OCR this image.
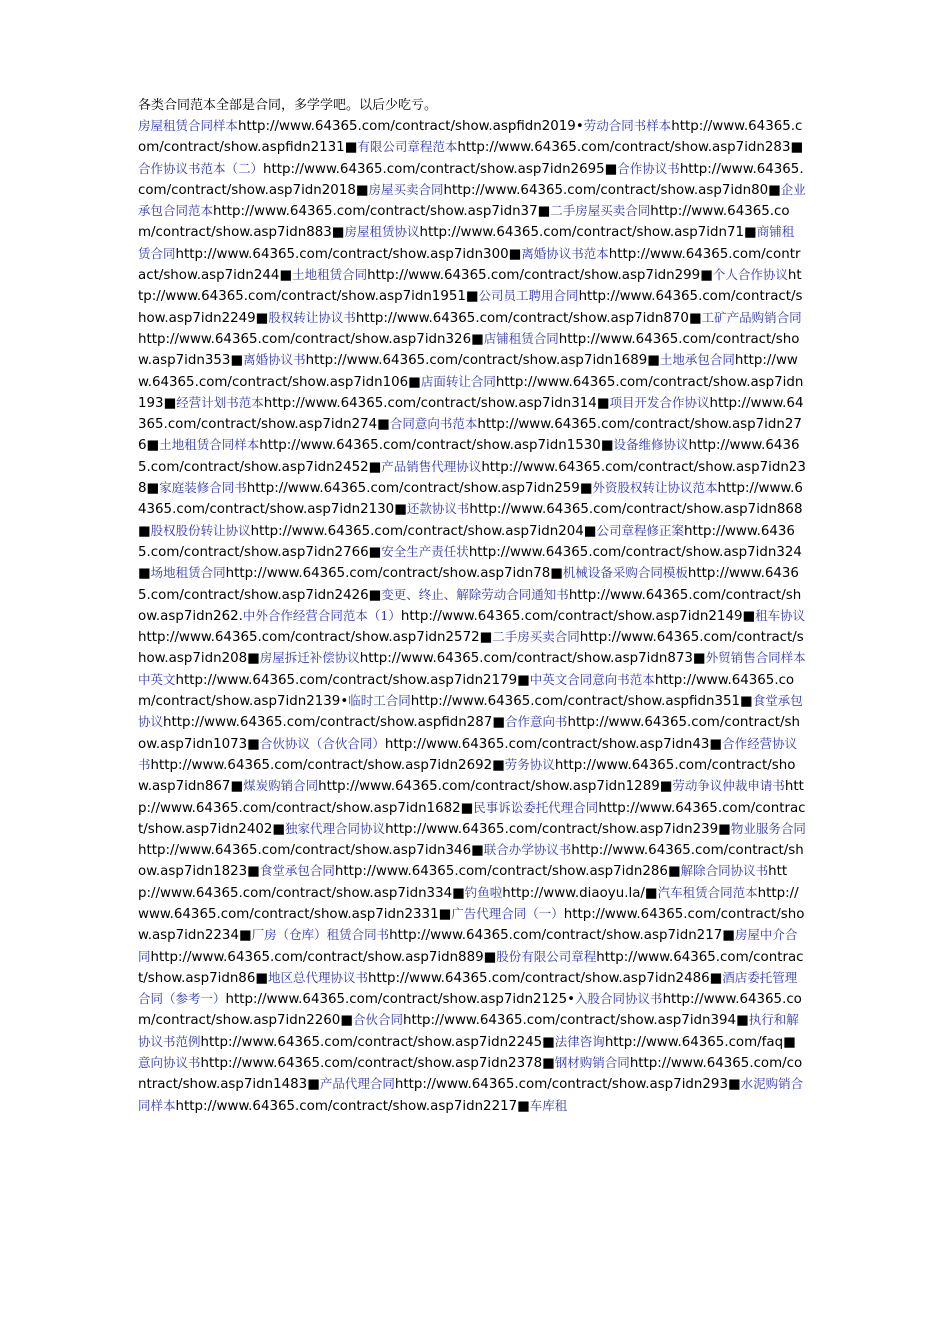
各类合同范本全部是合同，多学学吧。以后少吃亏。
房屋租赁合同样本http://www.64365.com/contract/show.aspfidn2019•劳动合同书样本http://www.64365.com/contract/show.aspfidn2131■有限公司章程范本http://www.64365.com/contract/show.asp7idn283■合作协议书范本（二）http://www.64365.com/contract/show.asp7idn2695■合作协议书http://www.64365.com/contract/show.asp7idn2018■房屋买卖合同http://www.64365.com/contract/show.asp7idn80■企业承包合同范本http://www.64365.com/contract/show.asp7idn37■二手房屋买卖合同http://www.64365.com/contract/show.asp7idn883■房屋租赁协议http://www.64365.com/contract/show.asp7idn71■商铺租赁合同http://www.64365.com/contract/show.asp7idn300■离婚协议书范本http://www.64365.com/contract/show.asp7idn244■土地租赁合同http://www.64365.com/contract/show.asp7idn299■个人合作协议http://www.64365.com/contract/show.asp7idn1951■公司员工聘用合同http://www.64365.com/contract/show.asp7idn2249■股权转让协议书http://www.64365.com/contract/show.asp7idn870■工矿产品购销合同http://www.64365.com/contract/show.asp7idn326■店铺租赁合同http://www.64365.com/contract/show.asp7idn353■离婚协议书http://www.64365.com/contract/show.asp7idn1689■土地承包合同http://www.64365.com/contract/show.asp7idn106■店面转让合同http://www.64365.com/contract/show.asp7idn193■经营计划书范本http://www.64365.com/contract/show.asp7idn314■项目开发合作协议http://www.64365.com/contract/show.asp7idn274■合同意向书范本http://www.64365.com/contract/show.asp7idn276■土地租赁合同样本http://www.64365.com/contract/show.asp7idn1530■设备维修协议http://www.64365.com/contract/show.asp7idn2452■产品销售代理协议http://www.64365.com/contract/show.asp7idn238■家庭装修合同书http://www.64365.com/contract/show.asp7idn259■外资股权转让协议范本http://www.64365.com/contract/show.asp7idn2130■还款协议书http://www.64365.com/contract/show.asp7idn868■股权股份转让协议http://www.64365.com/contract/show.asp7idn204■公司章程修正案http://www.64365.com/contract/show.asp7idn2766■安全生产责任状http://www.64365.com/contract/show.asp7idn324■场地租赁合同http://www.64365.com/contract/show.asp7idn78■机械设备采购合同模板http://www.64365.com/contract/show.asp7idn2426■变更、终止、解除劳动合同通知书http://www.64365.com/contract/show.asp7idn262.中外合作经营合同范本（1）http://www.64365.com/contract/show.asp7idn2149■租车协议http://www.64365.com/contract/show.asp7idn2572■二手房买卖合同http://www.64365.com/contract/show.asp7idn208■房屋拆迁补偿协议http://www.64365.com/contract/show.asp7idn873■外贸销售合同样本中英文http://www.64365.com/contract/show.asp7idn2179■中英文合同意向书范本http://www.64365.com/contract/show.asp7idn2139•临时工合同http://www.64365.com/contract/show.aspfidn351■食堂承包协议http://www.64365.com/contract/show.aspfidn287■合作意向书http://www.64365.com/contract/show.asp7idn1073■合伙协议（合伙合同）http://www.64365.com/contract/show.asp7idn43■合作经营协议书http://www.64365.com/contract/show.asp7idn2692■劳务协议http://www.64365.com/contract/show.asp7idn867■煤炭购销合同http://www.64365.com/contract/show.asp7idn1289■劳动争议仲裁申请书http://www.64365.com/contract/show.asp7idn1682■民事诉讼委托代理合同http://www.64365.com/contract/show.asp7idn2402■独家代理合同协议http://www.64365.com/contract/show.asp7idn239■物业服务合同http://www.64365.com/contract/show.asp7idn346■联合办学协议书http://www.64365.com/contract/show.asp7idn1823■食堂承包合同http://www.64365.com/contract/show.asp7idn286■解除合同协议书http://www.64365.com/contract/show.asp7idn334■钓鱼啦http://www.diaoyu.la/■汽车租赁合同范本http://www.64365.com/contract/show.asp7idn2331■广告代理合同（一）http://www.64365.com/contract/show.asp7idn2234■厂房（仓库）租赁合同书http://www.64365.com/contract/show.asp7idn217■房屋中介合同http://www.64365.com/contract/show.asp7idn889■股份有限公司章程http://www.64365.com/contract/show.asp7idn86■地区总代理协议书http://www.64365.com/contract/show.asp7idn2486■酒店委托管理合同（参考一）http://www.64365.com/contract/show.asp7idn2125•入股合同协议书http://www.64365.com/contract/show.asp7idn2260■合伙合同http://www.64365.com/contract/show.asp7idn394■执行和解协议书范例http://www.64365.com/contract/show.asp7idn2245■法律咨询http://www.64365.com/faq■意向协议书http://www.64365.com/contract/show.asp7idn2378■钢材购销合同http://www.64365.com/contract/show.asp7idn1483■产品代理合同http://www.64365.com/contract/show.asp7idn293■水泥购销合同样本http://www.64365.com/contract/show.asp7idn2217■车库租
